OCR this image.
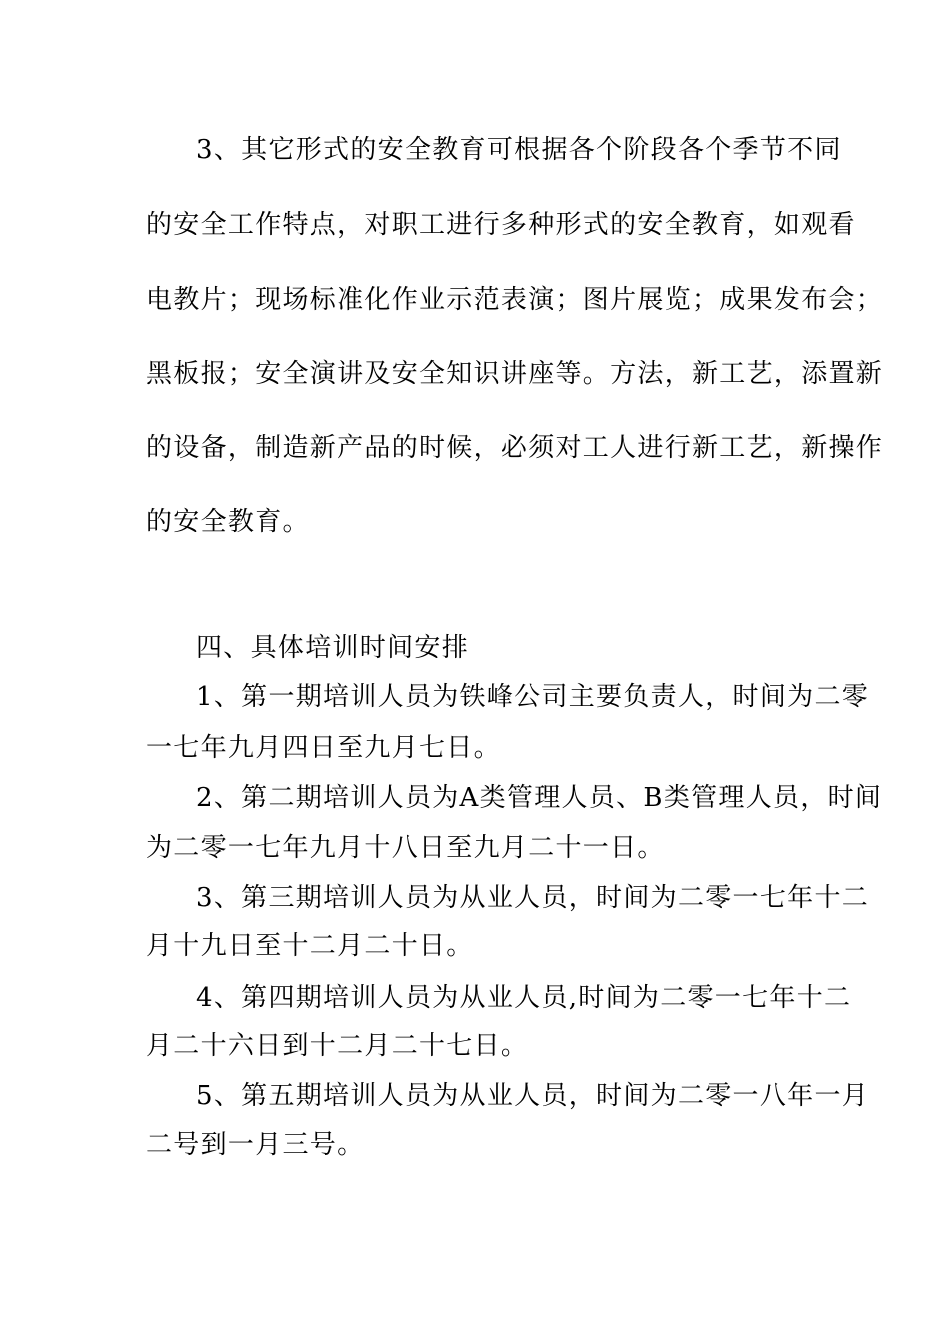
3、其它形式的安全教育可根据各个阶段各个季节不同
的安全工作特点，对职工进行多种形式的安全教育，如观看
电教片；现场标准化作业示范表演；图片展览；成果发布会；
黑板报；安全演讲及安全知识讲座等。方法，新工艺，添置新
的设备，制造新产品的时候，必须对工人进行新工艺，新操作
的安全教育。
四、具体培训时间安排
1、第一期培训人员为铁峰公司主要负责人，时间为二零
一七年九月四日至九月七日。
2、第二期培训人员为A类管理人员、B类管理人员，时间
为二零一七年九月十八日至九月二十一日。
3、第三期培训人员为从业人员，时间为二零一七年十二
月十九日至十二月二十日。
4、第四期培训人员为从业人员,时间为二零一七年十二
月二十六日到十二月二十七日。
5、第五期培训人员为从业人员，时间为二零一八年一月
二号到一月三号。
